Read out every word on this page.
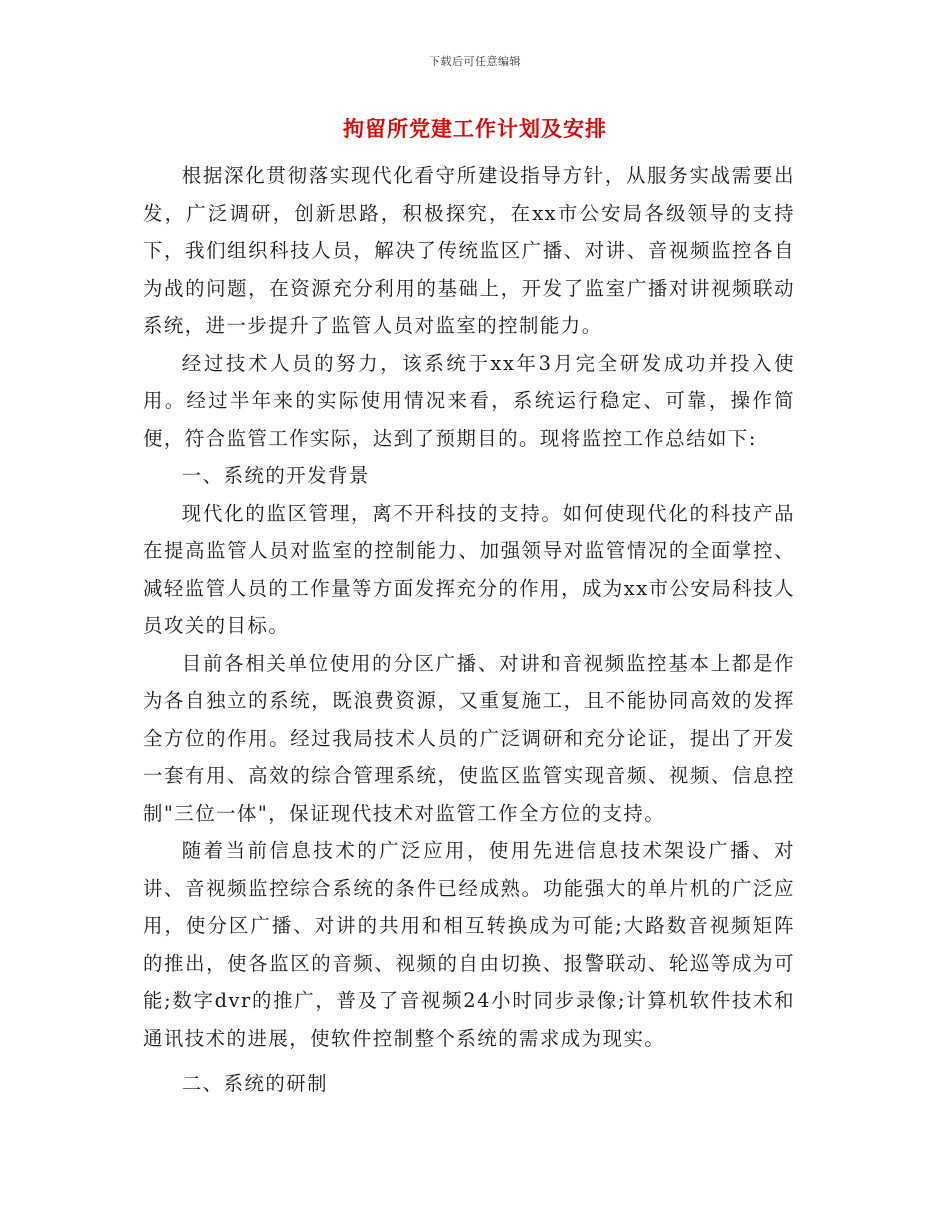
下载后可任意编辑
拘留所党建工作计划及安排

根据深化贯彻落实现代化看守所建设指导方针，从服务实战需要出发，广泛调研，创新思路，积极探究，在xx市公安局各级领导的支持下，我们组织科技人员，解决了传统监区广播、对讲、音视频监控各自为战的问题，在资源充分利用的基础上，开发了监室广播对讲视频联动系统，进一步提升了监管人员对监室的控制能力。

经过技术人员的努力，该系统于xx年3月完全研发成功并投入使用。经过半年来的实际使用情况来看，系统运行稳定、可靠，操作简便，符合监管工作实际，达到了预期目的。现将监控工作总结如下:

一、系统的开发背景

现代化的监区管理，离不开科技的支持。如何使现代化的科技产品在提高监管人员对监室的控制能力、加强领导对监管情况的全面掌控、减轻监管人员的工作量等方面发挥充分的作用，成为xx市公安局科技人员攻关的目标。

目前各相关单位使用的分区广播、对讲和音视频监控基本上都是作为各自独立的系统，既浪费资源，又重复施工，且不能协同高效的发挥全方位的作用。经过我局技术人员的广泛调研和充分论证，提出了开发一套有用、高效的综合管理系统，使监区监管实现音频、视频、信息控制"三位一体"，保证现代技术对监管工作全方位的支持。

随着当前信息技术的广泛应用，使用先进信息技术架设广播、对讲、音视频监控综合系统的条件已经成熟。功能强大的单片机的广泛应用，使分区广播、对讲的共用和相互转换成为可能;大路数音视频矩阵的推出，使各监区的音频、视频的自由切换、报警联动、轮巡等成为可能;数字dvr的推广，普及了音视频24小时同步录像;计算机软件技术和通讯技术的进展，使软件控制整个系统的需求成为现实。

二、系统的研制
